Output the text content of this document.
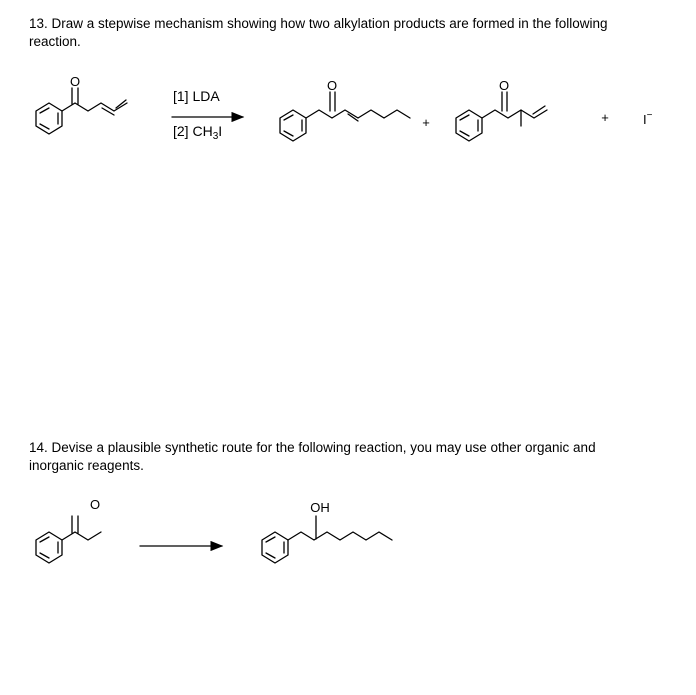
13. Draw a stepwise mechanism showing how two alkylation products are formed in the following reaction.
O
[1] LDA
[2] $CH_3I$
O
+
O
+	I−
O	OH
14. Devise a plausible synthetic route for the following reaction, you may use other organic and inorganic reagents.
